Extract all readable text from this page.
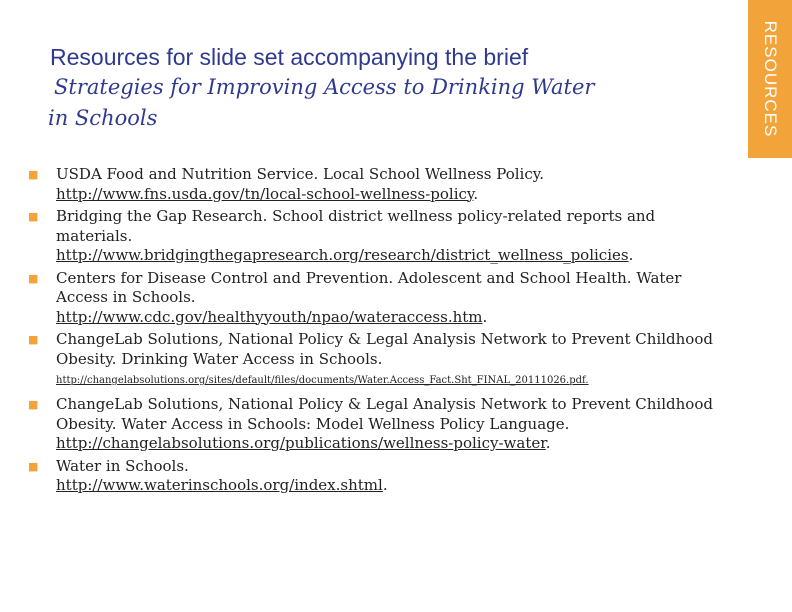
RESOURCES
Resources for slide set accompanying the brief
Strategies for Improving Access to Drinking Water
in Schools
■ USDA Food and Nutrition Service. Local School Wellness Policy.
http://www.fns.usda.gov/tn/local-school-wellness-policy.
■ Bridging the Gap Research. School district wellness policy-related reports and materials.
http://www.bridgingthegapresearch.org/research/district_wellness_policies.
■ Centers for Disease Control and Prevention. Adolescent and School Health. Water Access in Schools.
http://www.cdc.gov/healthyyouth/npao/wateraccess.htm.
■ ChangeLab Solutions, National Policy & Legal Analysis Network to Prevent Childhood Obesity. Drinking Water Access in Schools.
http://changelabsolutions.org/sites/default/files/documents/Water.Access_Fact.Sht_FINAL_20111026.pdf.
■ ChangeLab Solutions, National Policy & Legal Analysis Network to Prevent Childhood Obesity. Water Access in Schools: Model Wellness Policy Language.
http://changelabsolutions.org/publications/wellness-policy-water.
■ Water in Schools.
http://www.waterinschools.org/index.shtml.
